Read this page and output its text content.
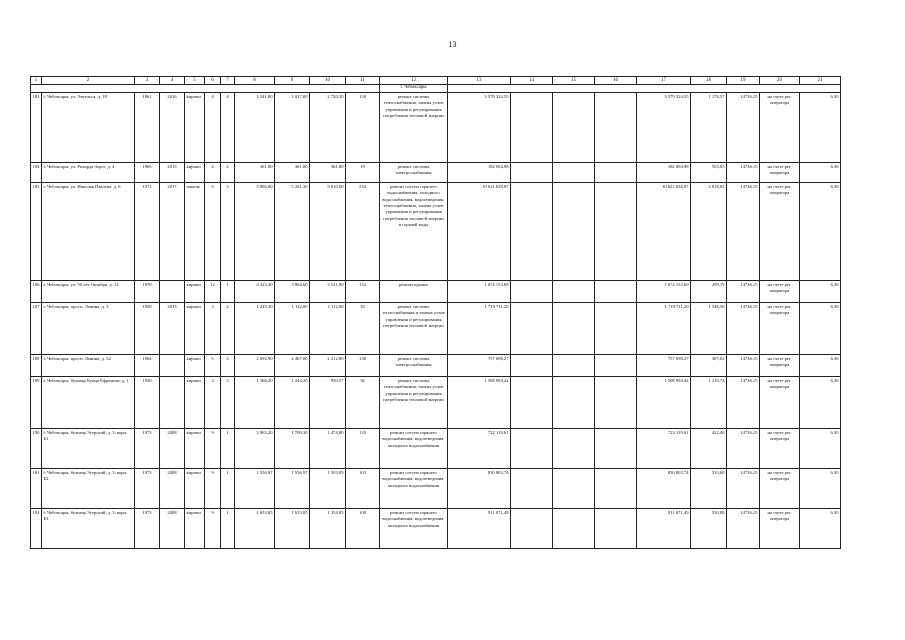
13
1	2	3	4	5	6	7	8	9	10	11	12	13	14	15	16	17	18	19	20	21
											г. Чебоксары									
183	г. Чебоксары, ул. Энгельса, д. 18	1961	2016	кирпич	4	4	3 241,00	3 037,00	2 720,50	158	ремонт системы теплоснабжения, замена узлов управления и регулирования потребления тепловой энергии	3 579 324,55				3 579 324,55	1 178,57	14736,15	на счете рег. оператора	6,30
184	г. Чебоксары, ул. Рихарда Зорге, д. 4	1965	2015	кирпич	2	2	361,80	361,80	361,80	19	ремонт системы электроснабжения	182 004,98				182 004,98	503,05	14736,15	на счете рег. оператора	6,30
185	г. Чебоксары, ул. Николая Павлова, д. 6	1972	2017	панель	5	3	5 866,00	5 261,30	5 010,00	234	ремонт систем горячего водоснабжения, холодного водоснабжения, водоотведения, теплоснабжения, замена узлов управления и регулирования потребления тепловой энергии и горячей воды	10 621 638,87				10 621 638,87	2 018,82	14736,15	на счете рег. оператора	6,30
186	г. Чебоксары, ул. 50 лет Октября, д. 12	1970		кирпич	12	1	4 423,30	3 804,60	3 521,90	133	ремонт крыши	1 074 153,60				1 074 153,60	299,19	14736,15	на счете рег. оператора	6,30
187	г. Чебоксары, просп. Ленина, д. 3	1950	2015	кирпич	3	2	1 249,30	1 112,00	1 112,00	35	ремонт системы теплоснабжения и замена узлов управления и регулирования потребления тепловой энергии	1 719 711,20				1 719 711,20	1 546,50	14736,15	на счете рег. оператора	6,30
188	г. Чебоксары, просп. Ленина, д. 52	1964		кирпич	5	3	2 692,90	2 467,00	2 212,80	138	ремонт системы электроснабжения	757 698,27				757 698,27	307,02	14736,15	на счете рег. оператора	6,30
189	г. Чебоксары, бульвар Купца Ефремова, д. 1	1930		кирпич	3	3	1 366,20	1 244,20	950,57	36	ремонт системы теплоснабжения, замена узлов управления и регулирования потребления тепловой энергии	1 508 994,42				1 508 994,42	1 210,74	14736,15	на счете рег. оператора	6,30
190	г. Чебоксары, бульвар Эгерский, д. 3, корп. Б1	1973	2008	кирпич	9	1	3 965,20	1 709,30	1 474,80	135	ремонт систем горячего водоснабжения, водоотведения, холодного водоснабжения	722 119,61				722 119,61	422,46	14736,15	на счете рег. оператора	6,30
191	г. Чебоксары, бульвар Эгерский, д. 3, корп. Б2	1973	2008	кирпич	9	1	1 556,97	1 556,97	1 503,09	103	ремонт систем горячего водоснабжения, водоотведения, холодного водоснабжения	830 803,74				830 803,74	533,60	14736,15	на счете рег. оператора	6,30
192	г. Чебоксары, бульвар Эгерский, д. 3, корп. Б3	1973	2008	кирпич	9	1	1 653,85	1 653,85	1 354,95	108	ремонт систем горячего водоснабжения, водоотведения, холодного водоснабжения	911 071,49				911 071,49	550,88	14736,15	на счете рег. оператора	6,30
